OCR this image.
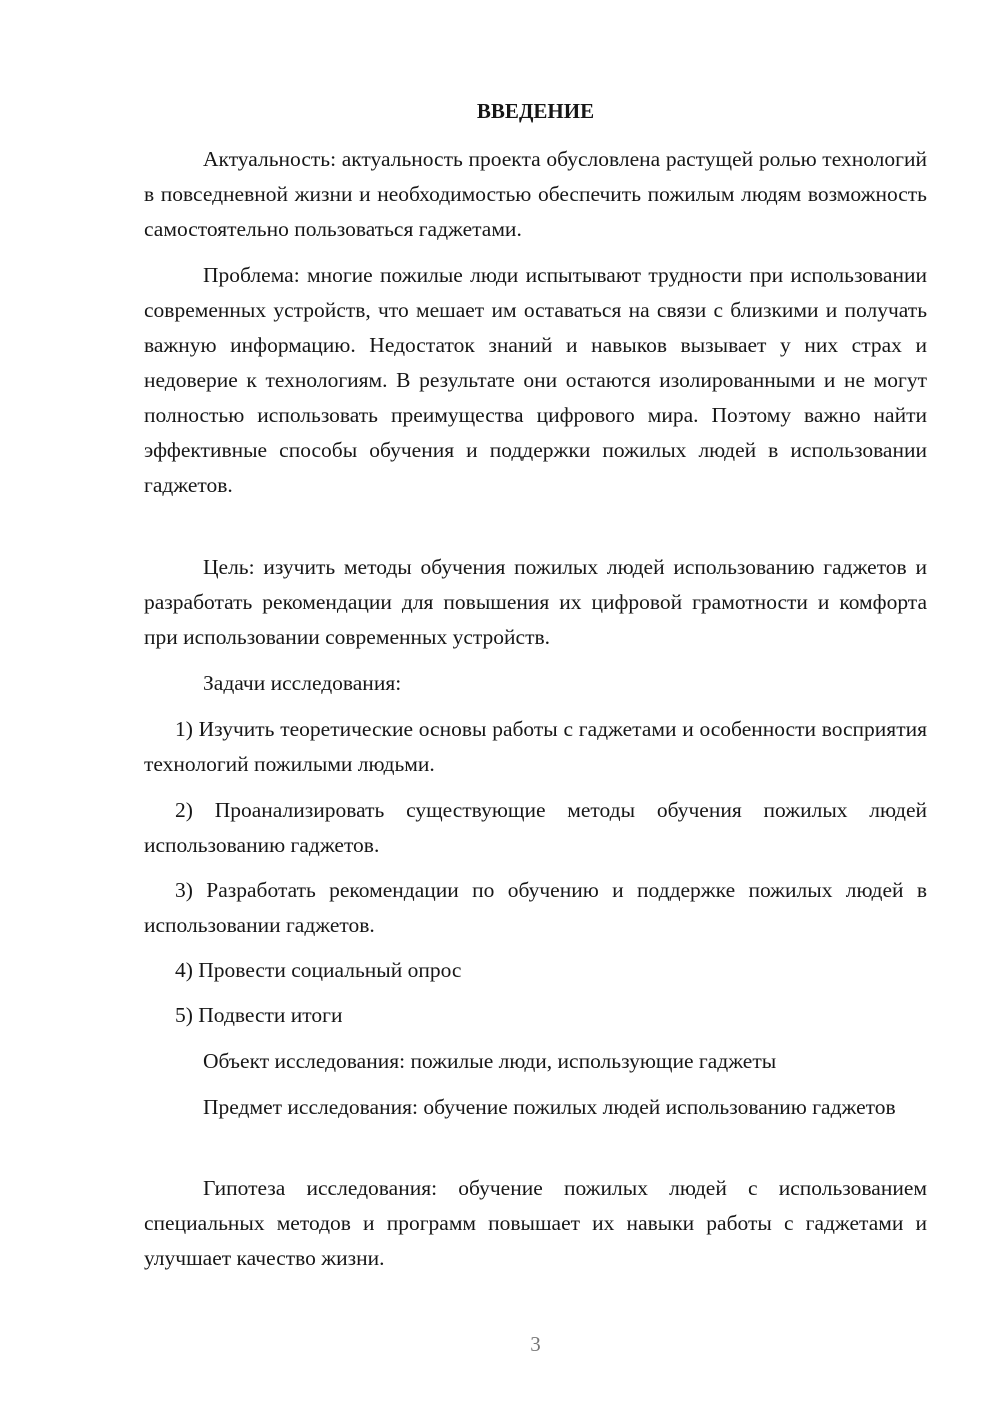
ВВЕДЕНИЕ

Актуальность: актуальность проекта обусловлена растущей ролью технологий в повседневной жизни и необходимостью обеспечить пожилым людям возможность самостоятельно пользоваться гаджетами.

Проблема: многие пожилые люди испытывают трудности при использовании современных устройств, что мешает им оставаться на связи с близкими и получать важную информацию. Недостаток знаний и навыков вызывает у них страх и недоверие к технологиям. В результате они остаются изолированными и не могут полностью использовать преимущества цифрового мира. Поэтому важно найти эффективные способы обучения и поддержки пожилых людей в использовании гаджетов.

Цель: изучить методы обучения пожилых людей использованию гаджетов и разработать рекомендации для повышения их цифровой грамотности и комфорта при использовании современных устройств.

Задачи исследования:

1) Изучить теоретические основы работы с гаджетами и особенности восприятия технологий пожилыми людьми.

2) Проанализировать существующие методы обучения пожилых людей использованию гаджетов.

3) Разработать рекомендации по обучению и поддержке пожилых людей в использовании гаджетов.

4) Провести социальный опрос

5) Подвести итоги

Объект исследования: пожилые люди, использующие гаджеты

Предмет исследования: обучение пожилых людей использованию гаджетов

Гипотеза исследования: обучение пожилых людей с использованием специальных методов и программ повышает их навыки работы с гаджетами и улучшает качество жизни.

3
